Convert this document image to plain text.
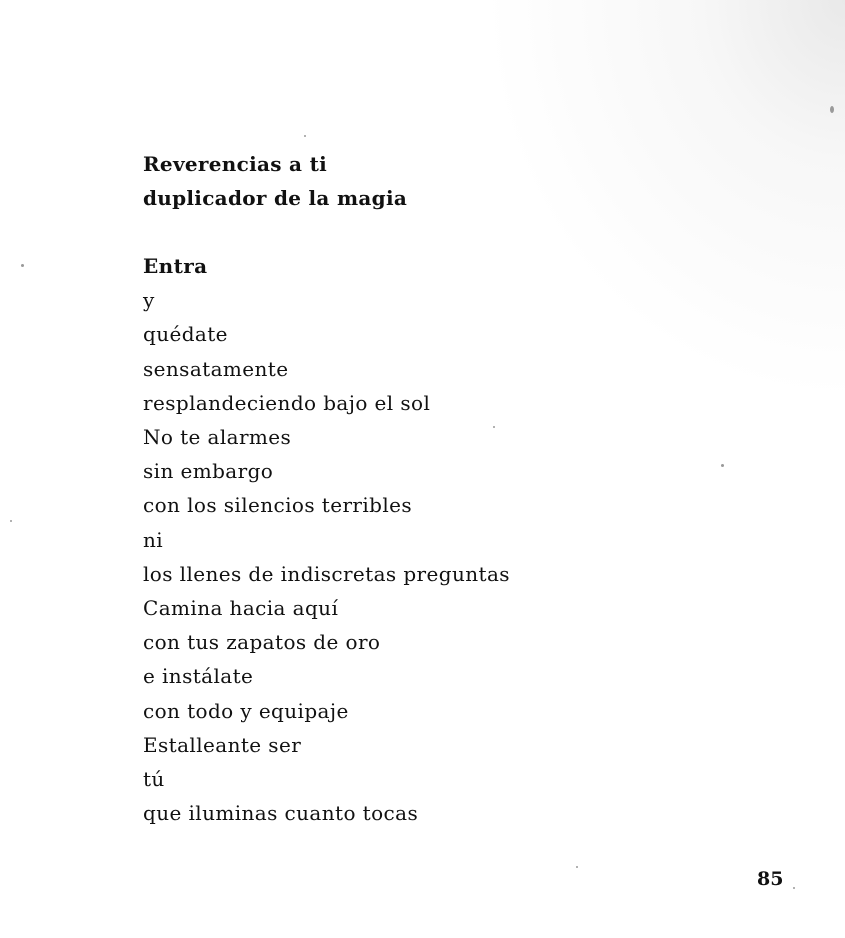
Reverencias a ti
duplicador de la magia
Entra
y
quédate
sensatamente
resplandeciendo bajo el sol
No te alarmes
sin embargo
con los silencios terribles
ni
los llenes de indiscretas preguntas
Camina hacia aquí
con tus zapatos de oro
e instálate
con todo y equipaje
Estalleante ser
tú
que iluminas cuanto tocas
85
